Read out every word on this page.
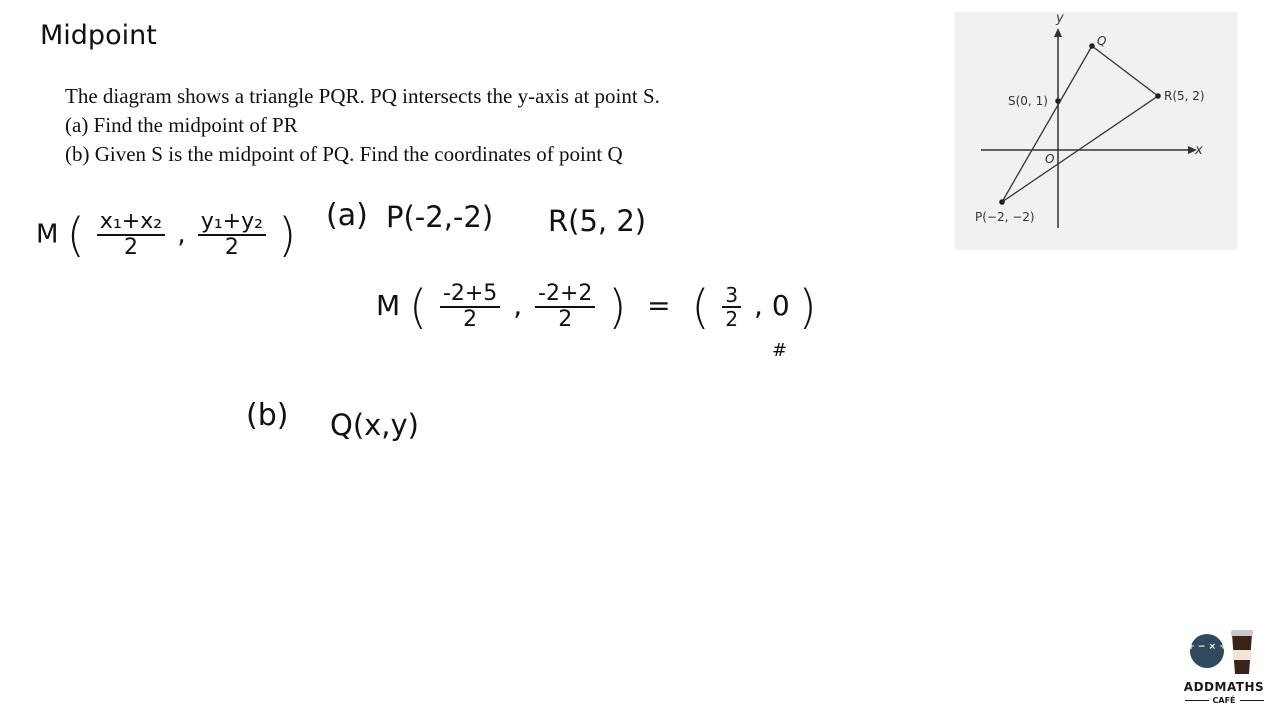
Midpoint
The diagram shows a triangle PQR. PQ intersects the y-axis at point S.
(a) Find the midpoint of PR
(b) Given S is the midpoint of PQ. Find the coordinates of point Q
M ( $\frac{\text{x₁+x₂}}{2}$ , $\frac{\text{y₁+y₂}}{2}$ ) (a) P(-2,-2) R(5, 2)
M ( $\frac{-2+5}{2}$ , $\frac{-2+2}{2}$ ) = ( $\frac{3}{2}$ , 0 )
#
(b) Q(x,y)
y
x
O
Q
S(0, 1)	R(5, 2)
P(−2, −2)
+ − × ÷
ADDMATHS
CAFÉ
